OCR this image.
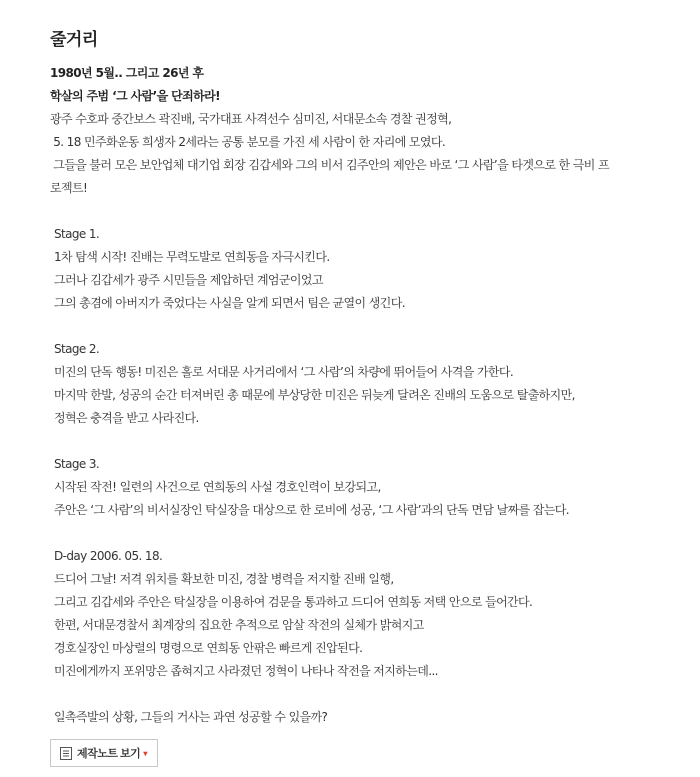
줄거리
1980년 5월.. 그리고 26년 후
학살의 주범 ‘그 사람’을 단죄하라!

광주 수호파 중간보스 곽진배, 국가대표 사격선수 심미진, 서대문소속 경찰 권정혁,

5. 18 민주화운동 희생자 2세라는 공통 분모를 가진 세 사람이 한 자리에 모였다.

그들을 불러 모은 보안업체 대기업 회장 김갑세와 그의 비서 김주안의 제안은 바로 ‘그 사람’을 타겟으로 한 극비 프

로젝트!

Stage 1.
1차 탐색 시작! 진배는 무력도발로 연희동을 자극시킨다.
그러나 김갑세가 광주 시민들을 제압하던 계엄군이었고
그의 총겸에 아버지가 죽었다는 사실을 알게 되면서 팀은 균열이 생긴다.
Stage 2.
미진의 단독 행동! 미진은 홀로 서대문 사거리에서 ‘그 사람’의 차량에 뛰어들어 사격을 가한다.
마지막 한발, 성공의 순간 터져버린 총 때문에 부상당한 미진은 뒤늦게 달려온 진배의 도움으로 탈출하지만,
정혁은 충격을 받고 사라진다.
Stage 3.
시작된 작전! 일련의 사건으로 연희동의 사설 경호인력이 보강되고,
주안은 ‘그 사람’의 비서실장인 탁실장을 대상으로 한 로비에 성공, ‘그 사람’과의 단독 면담 날짜를 잡는다.
D-day 2006. 05. 18.
드디어 그날! 저격 위치를 확보한 미진, 경찰 병력을 저지할 진배 일행,
그리고 김갑세와 주안은 탁실장을 이용하여 검문을 통과하고 드디어 연희동 저택 안으로 들어간다.
한편, 서대문경찰서 최계장의 집요한 추적으로 암살 작전의 실체가 밝혀지고
경호실장인 마상렬의 명령으로 연희동 안팎은 빠르게 진압된다.
미진에게까지 포위망은 좁혀지고 사라졌던 정혁이 나타나 작전을 저지하는데...
일촉즉발의 상황, 그들의 거사는 과연 성공할 수 있을까?
제작노트 보기 ▾
